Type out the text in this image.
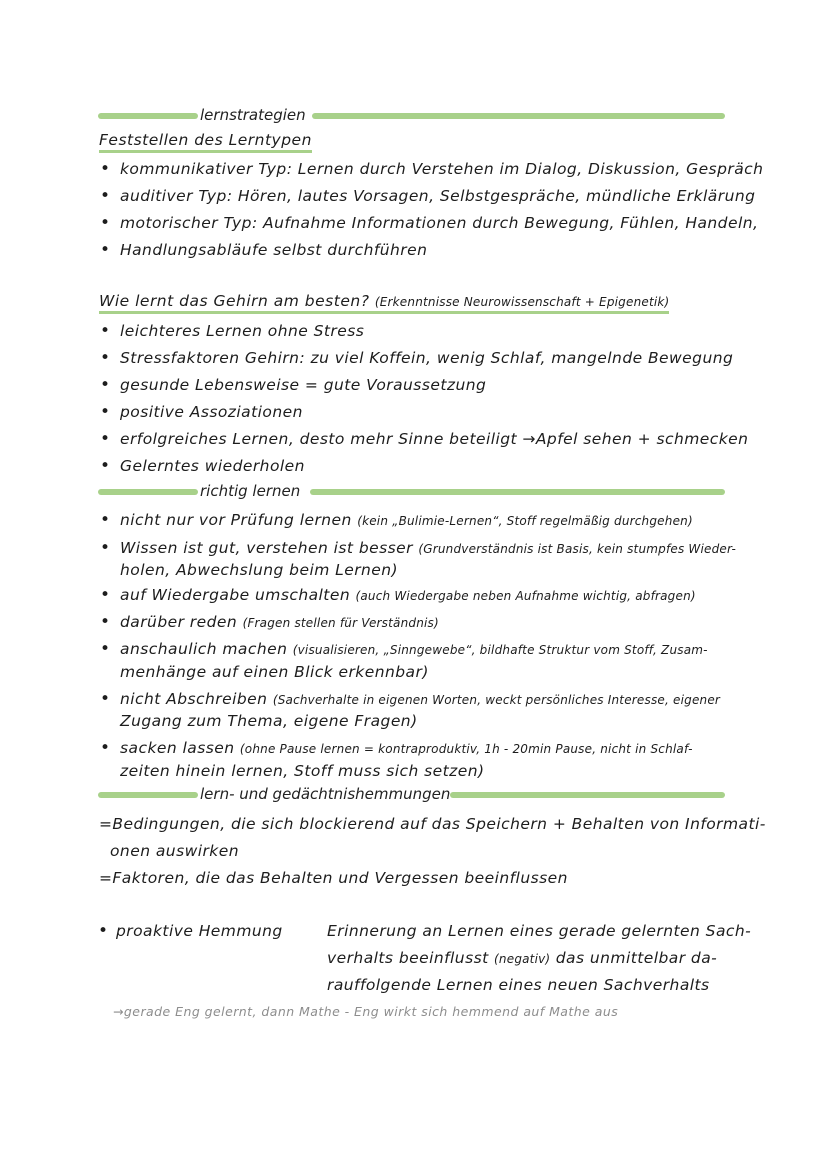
lernstrategien
Feststellen des Lerntypen
• kommunikativer Typ: Lernen durch Verstehen im Dialog, Diskussion, Gespräch
• auditiver Typ: Hören, lautes Vorsagen, Selbstgespräche, mündliche Erklärung
• motorischer Typ: Aufnahme Informationen durch Bewegung, Fühlen, Handeln,
• Handlungsabläufe selbst durchführen
Wie lernt das Gehirn am besten? (Erkenntnisse Neurowissenschaft + Epigenetik)
• leichteres Lernen ohne Stress
• Stressfaktoren Gehirn: zu viel Koffein, wenig Schlaf, mangelnde Bewegung
• gesunde Lebensweise = gute Voraussetzung
• positive Assoziationen
• erfolgreiches Lernen, desto mehr Sinne beteiligt →Apfel sehen + schmecken
• Gelerntes wiederholen
richtig lernen
• nicht nur vor Prüfung lernen (kein „Bulimie-Lernen“, Stoff regelmäßig durchgehen)
• Wissen ist gut, verstehen ist besser (Grundverständnis ist Basis, kein stumpfes Wieder-
holen, Abwechslung beim Lernen)
• auf Wiedergabe umschalten (auch Wiedergabe neben Aufnahme wichtig, abfragen)
• darüber reden (Fragen stellen für Verständnis)
• anschaulich machen (visualisieren, „Sinngewebe“, bildhafte Struktur vom Stoff, Zusam-
menhänge auf einen Blick erkennbar)
• nicht Abschreiben (Sachverhalte in eigenen Worten, weckt persönliches Interesse, eigener
Zugang zum Thema, eigene Fragen)
• sacken lassen (ohne Pause lernen = kontraproduktiv, 1h - 20min Pause, nicht in Schlaf-
zeiten hinein lernen, Stoff muss sich setzen)
lern- und gedächtnishemmungen
=Bedingungen, die sich blockierend auf das Speichern + Behalten von Informati-
onen auswirken
=Faktoren, die das Behalten und Vergessen beeinflussen
• proaktive Hemmung	Erinnerung an Lernen eines gerade gelernten Sach-
verhalts beeinflusst (negativ) das unmittelbar da-
rauffolgende Lernen eines neuen Sachverhalts
→gerade Eng gelernt, dann Mathe - Eng wirkt sich hemmend auf Mathe aus
